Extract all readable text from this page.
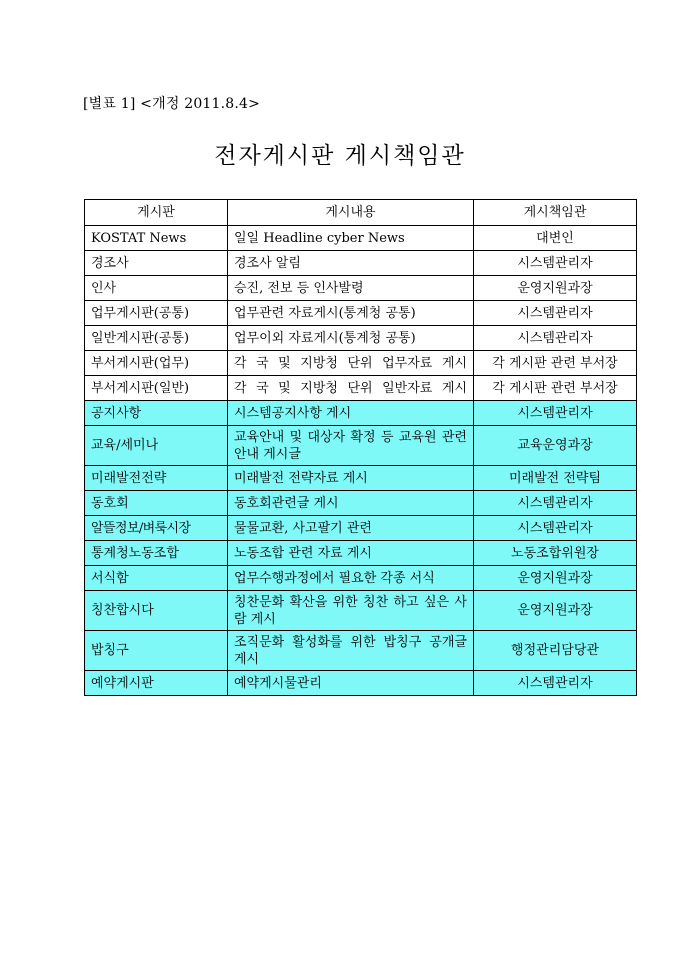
[별표 1] <개정 2011.8.4>
전자게시판 게시책임관
게시판	게시내용	게시책임관
KOSTAT News	일일 Headline cyber News	대변인
경조사	경조사 알림	시스템관리자
인사	승진, 전보 등 인사발령	운영지원과장
업무게시판(공통)	업무관련 자료게시(통계청 공통)	시스템관리자
일반게시판(공통)	업무이외 자료게시(통계청 공통)	시스템관리자
부서게시판(업무)	각 국 및 지방청 단위 업무자료 게시	각 게시판 관련 부서장
부서게시판(일반)	각 국 및 지방청 단위 일반자료 게시	각 게시판 관련 부서장
공지사항	시스템공지사항 게시	시스템관리자
교육/세미나	교육안내 및 대상자 확정 등 교육원 관련 안내 게시글	교육운영과장
미래발전전략	미래발전 전략자료 게시	미래발전 전략팀
동호회	동호회관련글 게시	시스템관리자
알뜰정보/벼룩시장	물물교환, 사고팔기 관련	시스템관리자
통계청노동조합	노동조합 관련 자료 게시	노동조합위원장
서식함	업무수행과정에서 필요한 각종 서식	운영지원과장
칭찬합시다	칭찬문화 확산을 위한 칭찬 하고 싶은 사람 게시	운영지원과장
밥칭구	조직문화 활성화를 위한 밥칭구 공개글 게시	행정관리담당관
예약게시판	예약게시물관리	시스템관리자
